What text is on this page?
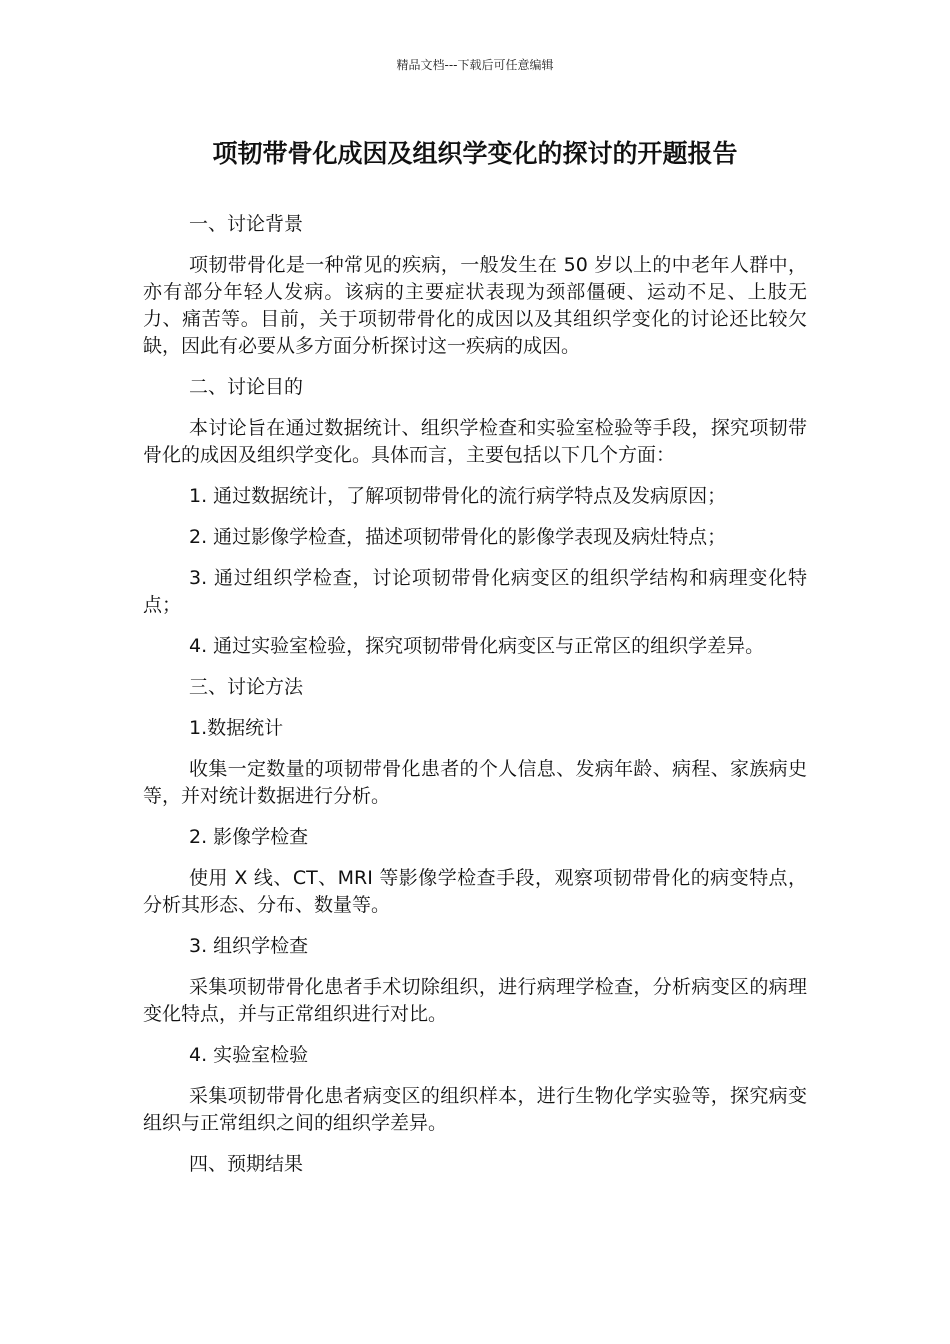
精品文档---下载后可任意编辑
项韧带骨化成因及组织学变化的探讨的开题报告
一、讨论背景

项韧带骨化是一种常见的疾病，一般发生在 50 岁以上的中老年人群中，亦有部分年轻人发病。该病的主要症状表现为颈部僵硬、运动不足、上肢无力、痛苦等。目前，关于项韧带骨化的成因以及其组织学变化的讨论还比较欠缺，因此有必要从多方面分析探讨这一疾病的成因。

二、讨论目的

本讨论旨在通过数据统计、组织学检查和实验室检验等手段，探究项韧带骨化的成因及组织学变化。具体而言，主要包括以下几个方面：

1. 通过数据统计，了解项韧带骨化的流行病学特点及发病原因；

2. 通过影像学检查，描述项韧带骨化的影像学表现及病灶特点；

3. 通过组织学检查，讨论项韧带骨化病变区的组织学结构和病理变化特点；

4. 通过实验室检验，探究项韧带骨化病变区与正常区的组织学差异。

三、讨论方法
1.数据统计

收集一定数量的项韧带骨化患者的个人信息、发病年龄、病程、家族病史等，并对统计数据进行分析。

2. 影像学检查

使用 X 线、CT、MRI 等影像学检查手段，观察项韧带骨化的病变特点，分析其形态、分布、数量等。

3. 组织学检查

采集项韧带骨化患者手术切除组织，进行病理学检查，分析病变区的病理变化特点，并与正常组织进行对比。

4. 实验室检验

采集项韧带骨化患者病变区的组织样本，进行生物化学实验等，探究病变组织与正常组织之间的组织学差异。

四、预期结果
